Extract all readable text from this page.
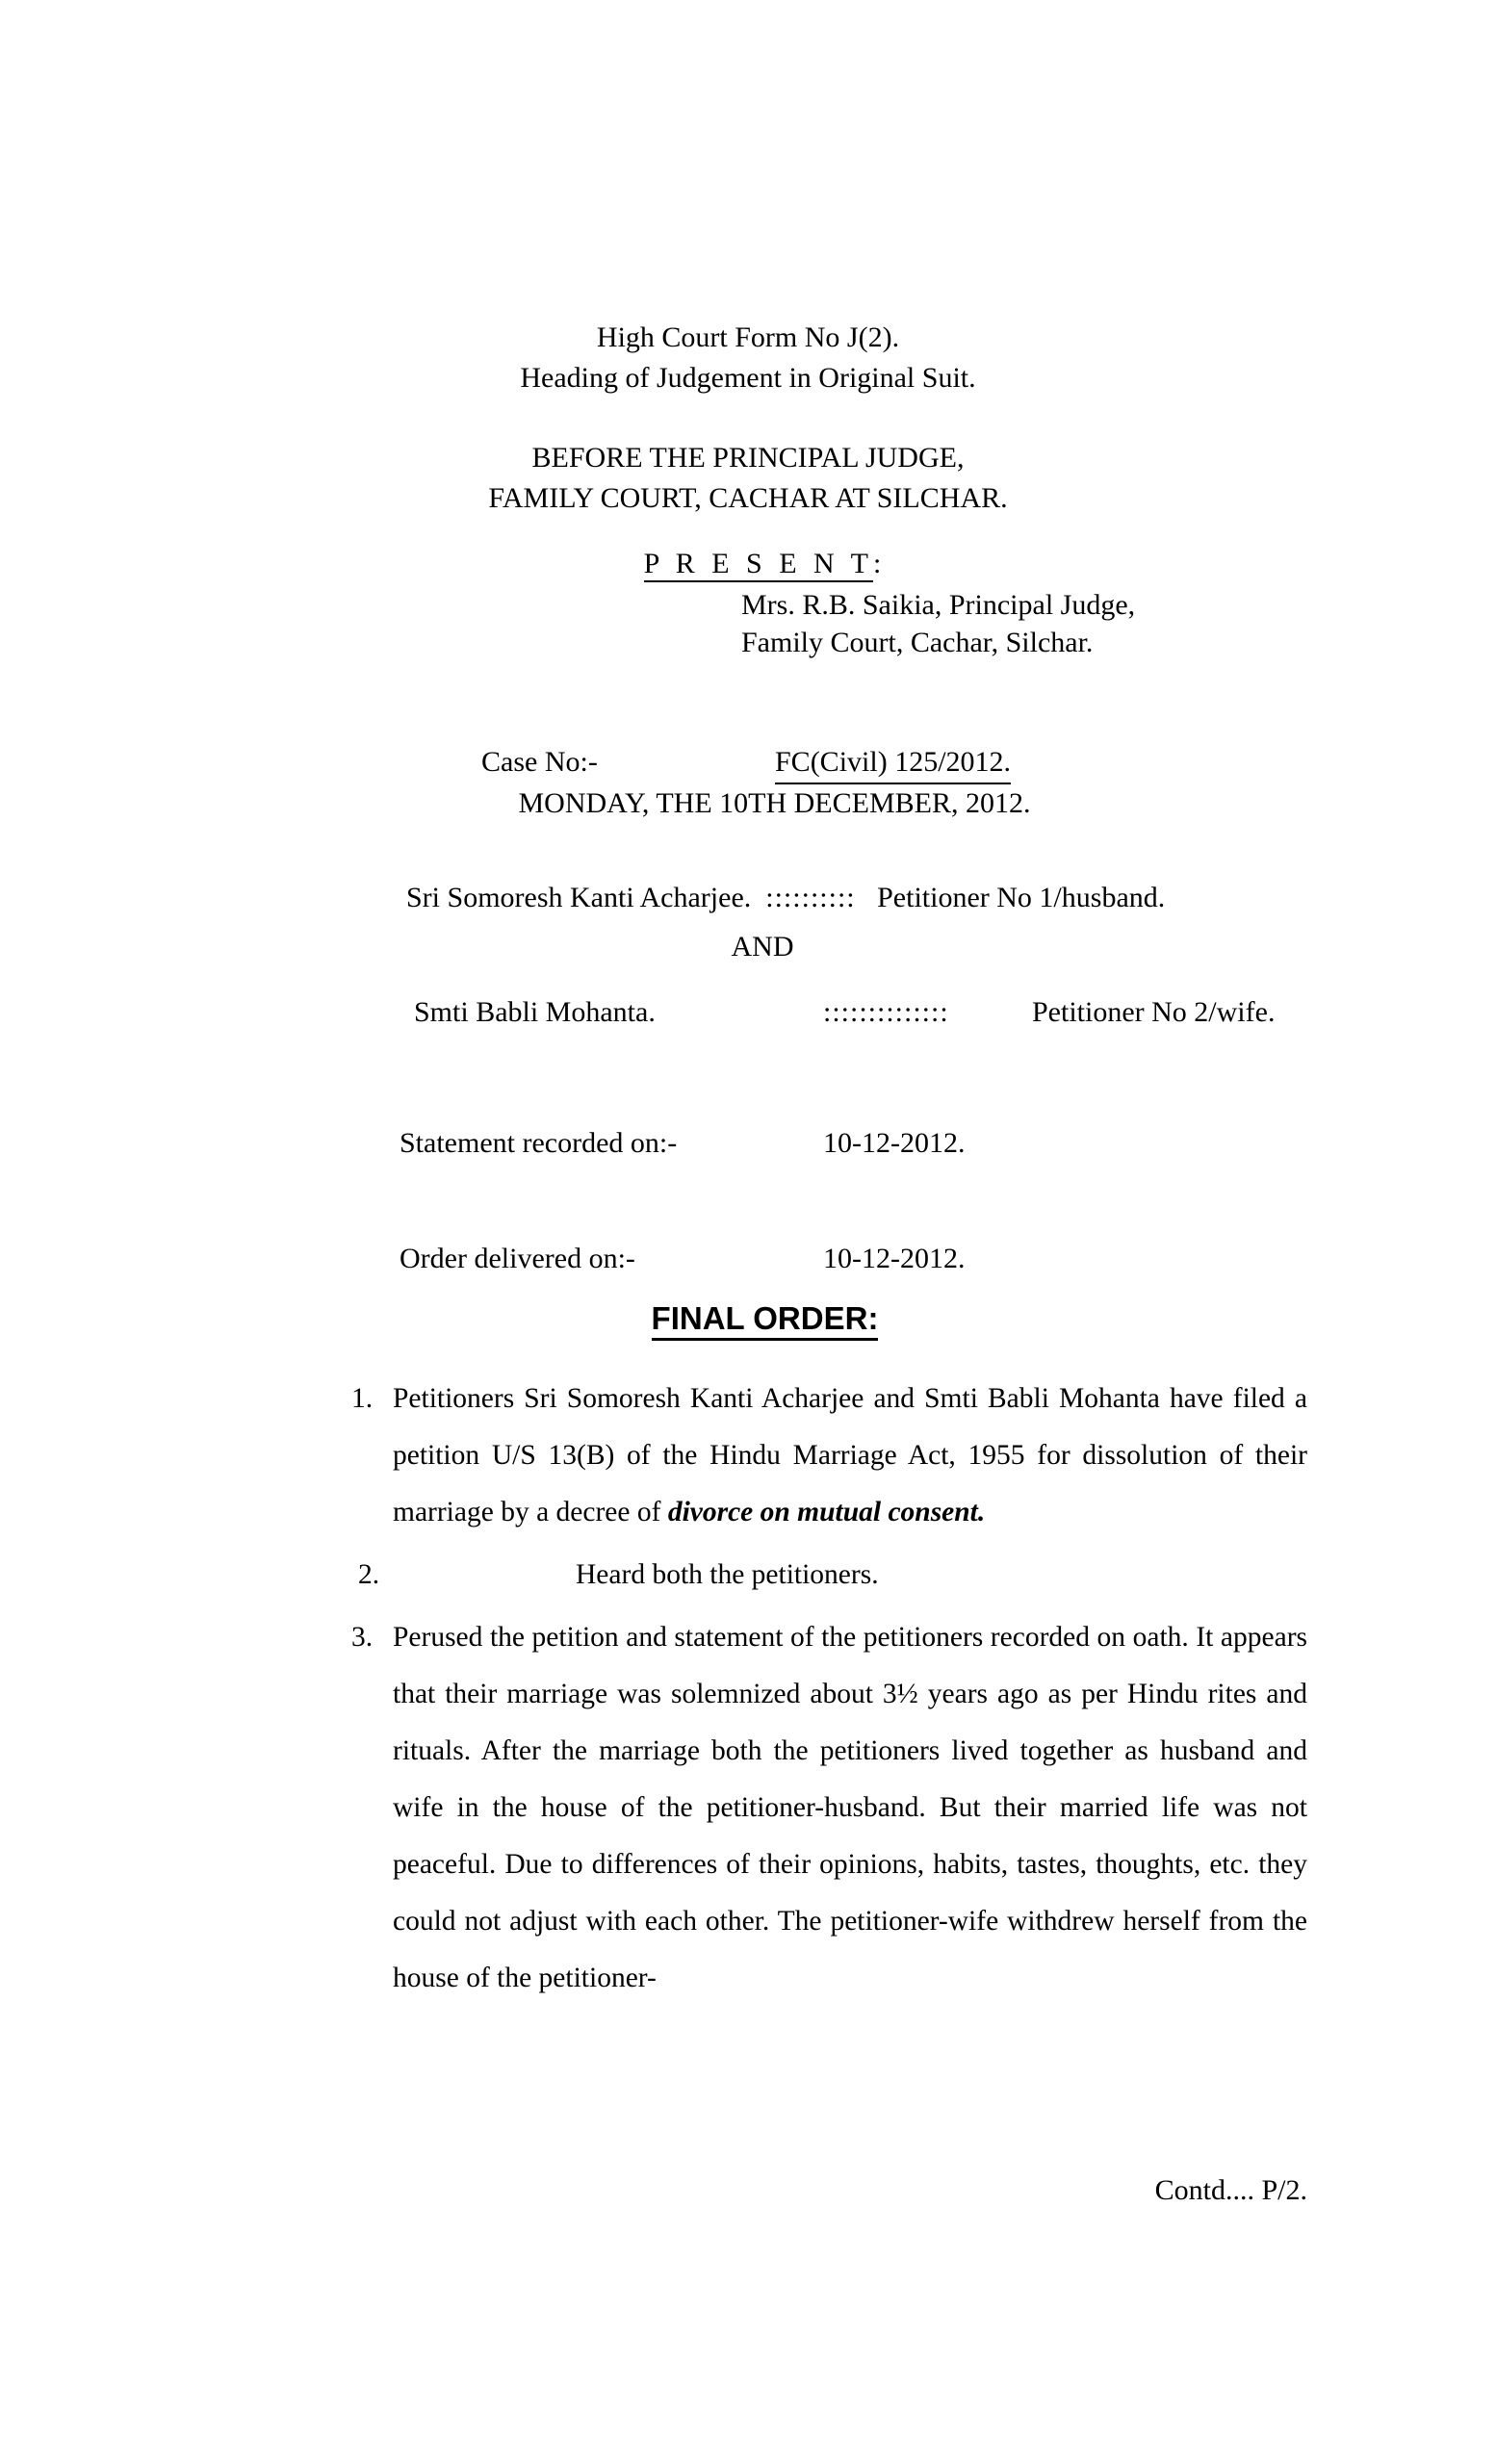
High Court Form No J(2).
Heading of Judgement in Original Suit.
BEFORE THE PRINCIPAL JUDGE,
FAMILY COURT, CACHAR AT SILCHAR.
P R E S E N T:
Mrs. R.B. Saikia, Principal Judge,
Family Court, Cachar, Silchar.
Case No:-	FC(Civil) 125/2012.
MONDAY, THE 10TH DECEMBER, 2012.
Sri Somoresh Kanti Acharjee. :::::::::: Petitioner No 1/husband.
AND
Smti Babli Mohanta.	::::::::::::::	Petitioner No 2/wife.
Statement recorded on:-	10-12-2012.
Order delivered on:-	10-12-2012.
FINAL ORDER:
1. Petitioners Sri Somoresh Kanti Acharjee and Smti Babli Mohanta have filed a petition U/S 13(B) of the Hindu Marriage Act, 1955 for dissolution of their marriage by a decree of divorce on mutual consent.

2.	Heard both the petitioners.

3. Perused the petition and statement of the petitioners recorded on oath. It appears that their marriage was solemnized about 3½ years ago as per Hindu rites and rituals. After the marriage both the petitioners lived together as husband and wife in the house of the petitioner-husband. But their married life was not peaceful. Due to differences of their opinions, habits, tastes, thoughts, etc. they could not adjust with each other. The petitioner-wife withdrew herself from the house of the petitioner-

Contd.... P/2.
